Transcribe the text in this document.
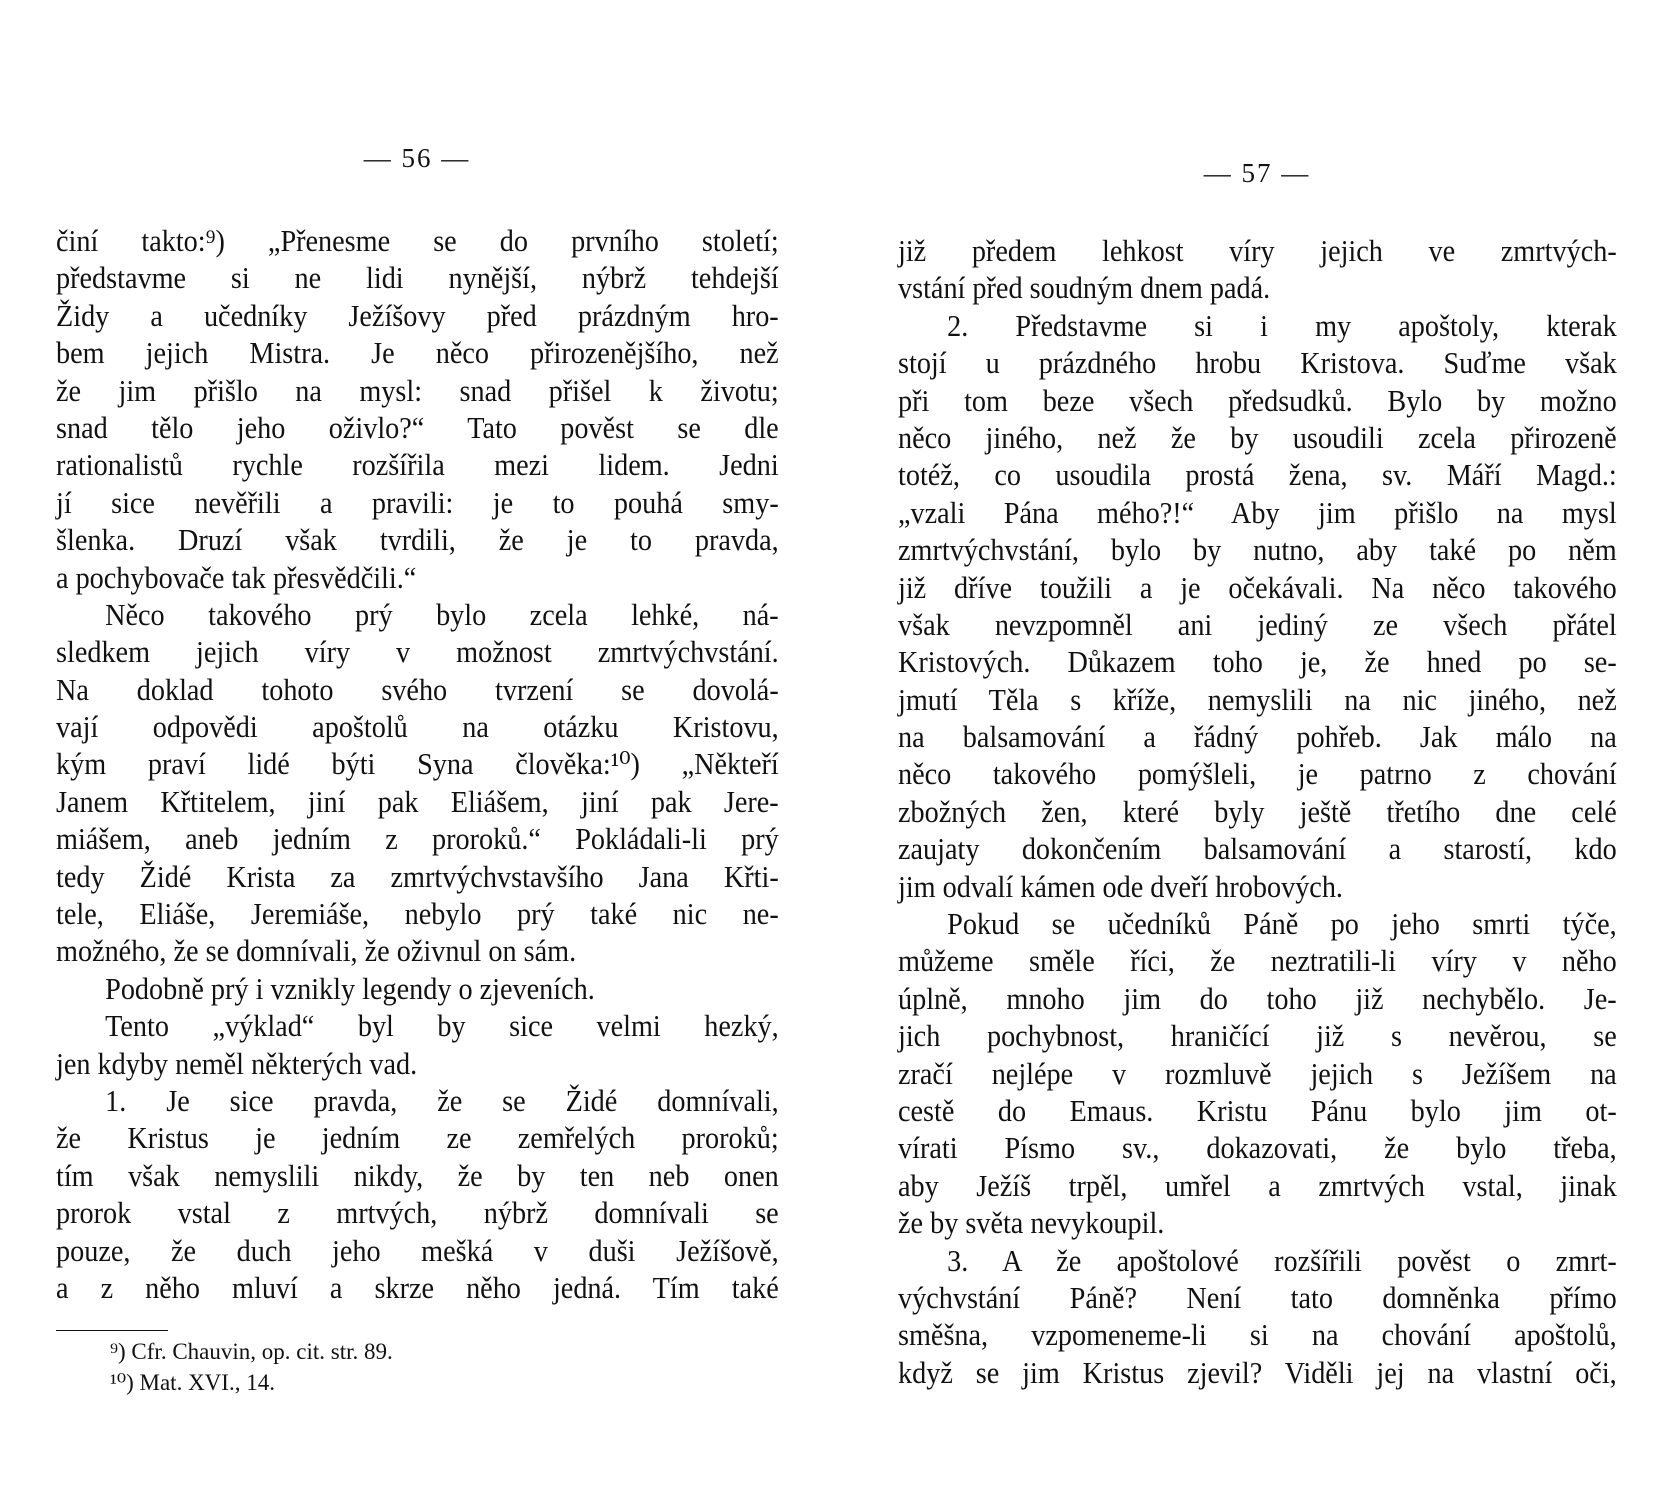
— 56 —
činí takto:⁹) „Přenesme se do prvního století;
představme si ne lidi nynější, nýbrž tehdejší
Židy a učedníky Ježíšovy před prázdným hro-
bem jejich Mistra. Je něco přirozenějšího, než
že jim přišlo na mysl: snad přišel k životu;
snad tělo jeho oživlo?“ Tato pověst se dle
rationalistů rychle rozšířila mezi lidem. Jedni
jí sice nevěřili a pravili: je to pouhá smy-
šlenka. Druzí však tvrdili, že je to pravda,
a pochybovače tak přesvědčili.“
Něco takového prý bylo zcela lehké, ná-
sledkem jejich víry v možnost zmrtvýchvstání.
Na doklad tohoto svého tvrzení se dovolá-
vají odpovědi apoštolů na otázku Kristovu,
kým praví lidé býti Syna člověka:¹⁰) „Někteří
Janem Křtitelem, jiní pak Eliášem, jiní pak Jere-
miášem, aneb jedním z proroků.“ Pokládali-li prý
tedy Židé Krista za zmrtvýchvstavšího Jana Křti-
tele, Eliáše, Jeremiáše, nebylo prý také nic ne-
možného, že se domnívali, že oživnul on sám.
Podobně prý i vznikly legendy o zjeveních.
Tento „výklad“ byl by sice velmi hezký,
jen kdyby neměl některých vad.
1. Je sice pravda, že se Židé domnívali,
že Kristus je jedním ze zemřelých proroků;
tím však nemyslili nikdy, že by ten neb onen
prorok vstal z mrtvých, nýbrž domnívali se
pouze, že duch jeho mešká v duši Ježíšově,
a z něho mluví a skrze něho jedná. Tím také
⁹) Cfr. Chauvin, op. cit. str. 89.
¹⁰) Mat. XVI., 14.
— 57 —
již předem lehkost víry jejich ve zmrtvých-
vstání před soudným dnem padá.
2. Představme si i my apoštoly, kterak
stojí u prázdného hrobu Kristova. Suďme však
při tom beze všech předsudků. Bylo by možno
něco jiného, než že by usoudili zcela přirozeně
totéž, co usoudila prostá žena, sv. Máří Magd.:
„vzali Pána mého?!“ Aby jim přišlo na mysl
zmrtvýchvstání, bylo by nutno, aby také po něm
již dříve toužili a je očekávali. Na něco takového
však nevzpomněl ani jediný ze všech přátel
Kristových. Důkazem toho je, že hned po se-
jmutí Těla s kříže, nemyslili na nic jiného, než
na balsamování a řádný pohřeb. Jak málo na
něco takového pomýšleli, je patrno z chování
zbožných žen, které byly ještě třetího dne celé
zaujaty dokončením balsamování a starostí, kdo
jim odvalí kámen ode dveří hrobových.
Pokud se učedníků Páně po jeho smrti týče,
můžeme směle říci, že neztratili-li víry v něho
úplně, mnoho jim do toho již nechybělo. Je-
jich pochybnost, hraničící již s nevěrou, se
zračí nejlépe v rozmluvě jejich s Ježíšem na
cestě do Emaus. Kristu Pánu bylo jim ot-
vírati Písmo sv., dokazovati, že bylo třeba,
aby Ježíš trpěl, umřel a zmrtvých vstal, jinak
že by světa nevykoupil.
3. A že apoštolové rozšířili pověst o zmrt-
výchvstání Páně? Není tato domněnka přímo
směšna, vzpomeneme-li si na chování apoštolů,
když se jim Kristus zjevil? Viděli jej na vlastní oči,
